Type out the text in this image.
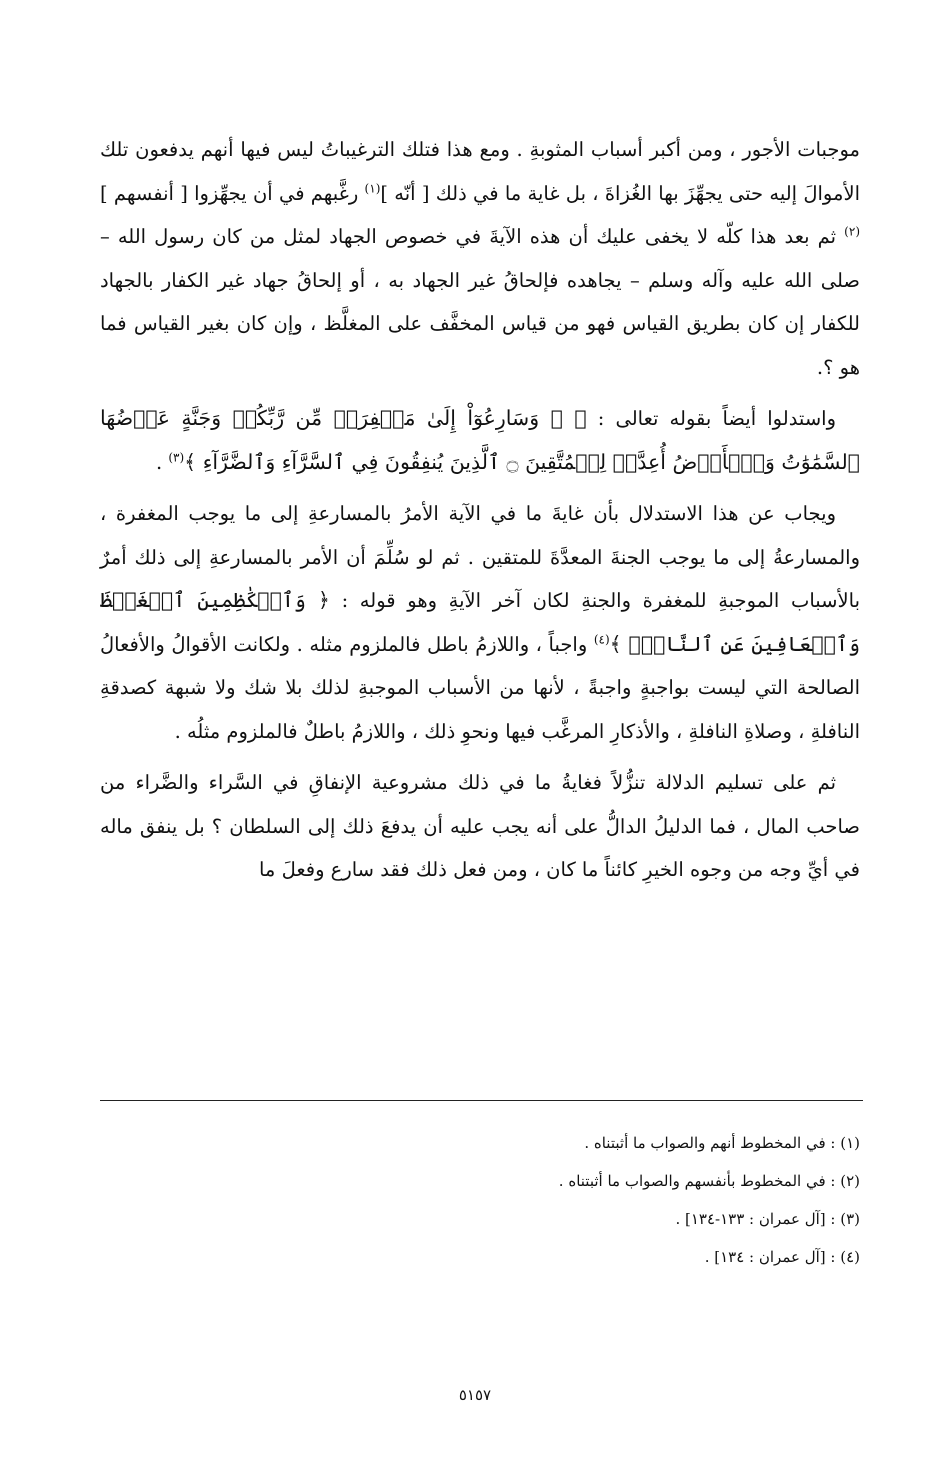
موجبات الأجور ، ومن أكبر أسباب المثوبةِ . ومع هذا فتلك الترغيباتُ ليس فيها أنهم يدفعون تلك الأموالَ إليه حتى يجهِّزَ بها الغُزاةَ ، بل غاية ما في ذلك [ أنّه ]$^{(١)}$ رغَّبهم في أن يجهِّزوا [ أنفسهم ]$^{(٢)}$ ثم بعد هذا كلّه لا يخفى عليك أن هذه الآيةَ في خصوص الجهاد لمثل من كان رسول الله – صلى الله عليه وآله وسلم – يجاهده فإلحاقُ غير الجهاد به ، أو إلحاقُ جهاد غير الكفار بالجهاد للكفار إن كان بطريق القياس فهو من قياس المخفَّف على المغلَّظ ، وإن كان بغير القياس فما هو ؟.

واستدلوا أيضاً بقوله تعالى : ﴿ ۞ وَسَارِعُوٓاْ إِلَىٰ مَغۡفِرَةٖ مِّن رَّبِّكُمۡ وَجَنَّةٍ عَرۡضُهَا ٱلسَّمَٰوَٰتُ وَٱلۡأَرۡضُ أُعِدَّتۡ لِلۡمُتَّقِينَ ۝ ٱلَّذِينَ يُنفِقُونَ فِي ٱلسَّرَّآءِ وَٱلضَّرَّآءِ ﴾$^{(٣)}$ .

ويجاب عن هذا الاستدلال بأن غايةَ ما في الآية الأمرُ بالمسارعةِ إلى ما يوجب المغفرة ، والمسارعةُ إلى ما يوجب الجنةَ المعدَّةَ للمتقين . ثم لو سُلِّمَ أن الأمر بالمسارعةِ إلى ذلك أمرٌ بالأسباب الموجبةِ للمغفرة والجنةِ لكان آخر الآيةِ وهو قوله : ﴿ وَٱلۡكَٰظِمِينَ ٱلۡغَيۡظَ وَٱلۡعَافِينَ عَنِ ٱلنَّاسِۗ ﴾$^{(٤)}$ واجباً ، واللازمُ باطل فالملزوم مثله . ولكانت الأقوالُ والأفعالُ الصالحة التي ليست بواجبةٍ واجبةً ، لأنها من الأسباب الموجبةِ لذلك بلا شك ولا شبهة كصدقةِ النافلةِ ، وصلاةِ النافلةِ ، والأذكارِ المرغَّب فيها ونحوِ ذلك ، واللازمُ باطلٌ فالملزوم مثلُه .

ثم على تسليم الدلالة تنزُّلاً فغايةُ ما في ذلك مشروعية الإنفاقِ في السَّراء والضَّراء من صاحب المال ، فما الدليلُ الدالُّ على أنه يجب عليه أن يدفعَ ذلك إلى السلطان ؟ بل ينفق ماله في أيِّ وجه من وجوه الخيرِ كائناً ما كان ، ومن فعل ذلك فقد سارع وفعلَ ما

(١) : في المخطوط أنهم والصواب ما أثبتناه .
(٢) : في المخطوط بأنفسهم والصواب ما أثبتناه .
(٣) : [آل عمران : ١٣٣-١٣٤] .
(٤) : [آل عمران : ١٣٤] .
٥١٥٧
